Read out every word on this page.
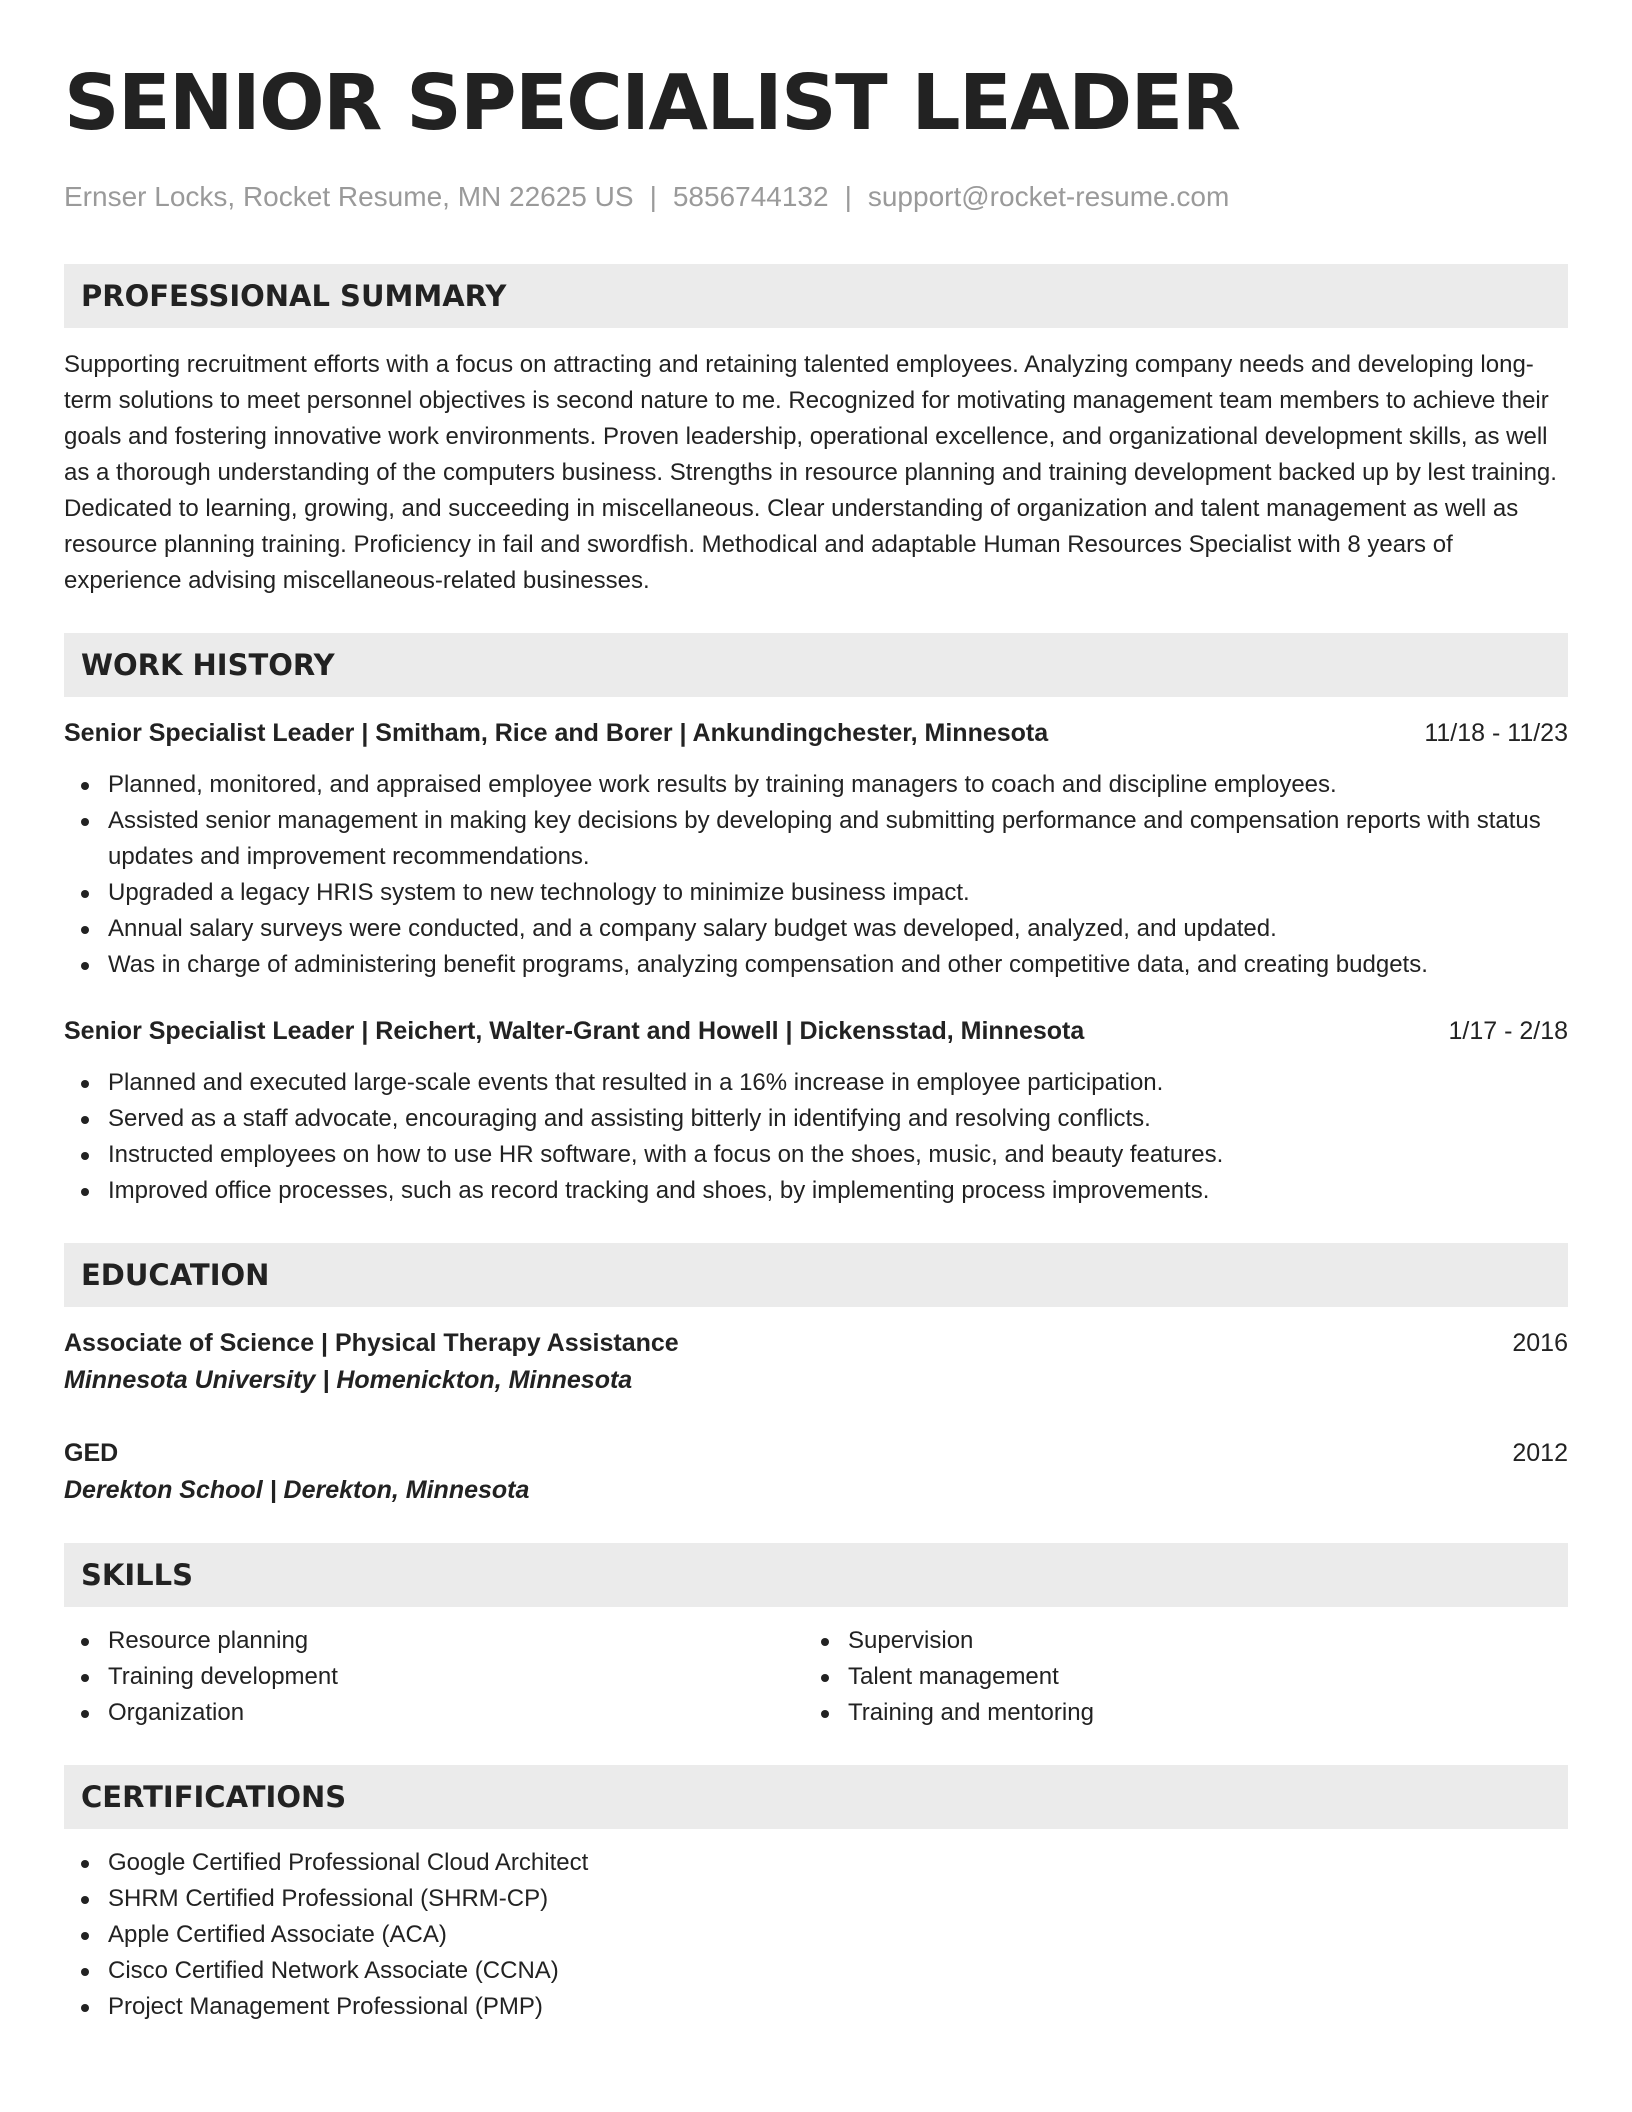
SENIOR SPECIALIST LEADER
Ernser Locks, Rocket Resume, MN 22625 US | 5856744132 | support@rocket-resume.com
PROFESSIONAL SUMMARY

Supporting recruitment efforts with a focus on attracting and retaining talented employees. Analyzing company needs and developing long-term solutions to meet personnel objectives is second nature to me. Recognized for motivating management team members to achieve their goals and fostering innovative work environments. Proven leadership, operational excellence, and organizational development skills, as well as a thorough understanding of the computers business. Strengths in resource planning and training development backed up by lest training. Dedicated to learning, growing, and succeeding in miscellaneous. Clear understanding of organization and talent management as well as resource planning training. Proficiency in fail and swordfish. Methodical and adaptable Human Resources Specialist with 8 years of experience advising miscellaneous-related businesses.

WORK HISTORY
Senior Specialist Leader | Smitham, Rice and Borer | Ankundingchester, Minnesota	11/18 - 11/23
Planned, monitored, and appraised employee work results by training managers to coach and discipline employees.
Assisted senior management in making key decisions by developing and submitting performance and compensation reports with status updates and improvement recommendations.
Upgraded a legacy HRIS system to new technology to minimize business impact.
Annual salary surveys were conducted, and a company salary budget was developed, analyzed, and updated.
Was in charge of administering benefit programs, analyzing compensation and other competitive data, and creating budgets.
Senior Specialist Leader | Reichert, Walter-Grant and Howell | Dickensstad, Minnesota	1/17 - 2/18
Planned and executed large-scale events that resulted in a 16% increase in employee participation.
Served as a staff advocate, encouraging and assisting bitterly in identifying and resolving conflicts.
Instructed employees on how to use HR software, with a focus on the shoes, music, and beauty features.
Improved office processes, such as record tracking and shoes, by implementing process improvements.
EDUCATION
Associate of Science | Physical Therapy Assistance	2016
Minnesota University | Homenickton, Minnesota
GED	2012
Derekton School | Derekton, Minnesota
SKILLS
Resource planning
Training development
Organization
Supervision
Talent management
Training and mentoring
CERTIFICATIONS
Google Certified Professional Cloud Architect
SHRM Certified Professional (SHRM-CP)
Apple Certified Associate (ACA)
Cisco Certified Network Associate (CCNA)
Project Management Professional (PMP)
